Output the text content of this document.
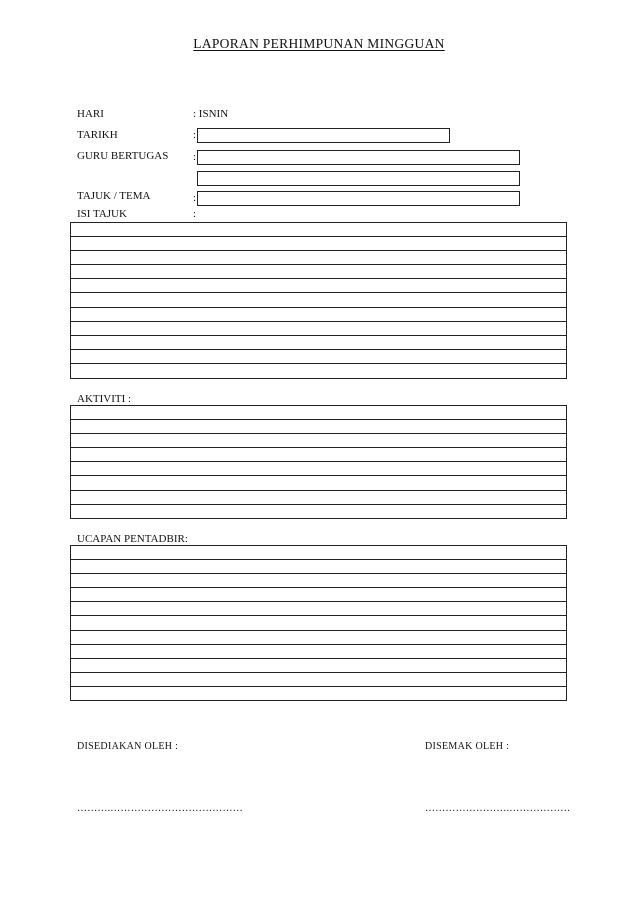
LAPORAN PERHIMPUNAN MINGGUAN
HARI	: ISNIN
TARIKH	:
GURU BERTUGAS :
TAJUK / TEMA	:
ISI TAJUK	:
AKTIVITI :
UCAPAN PENTADBIR:
DISEDIAKAN OLEH :	DISEMAK OLEH :
……….…………………………………	…………………….………………
